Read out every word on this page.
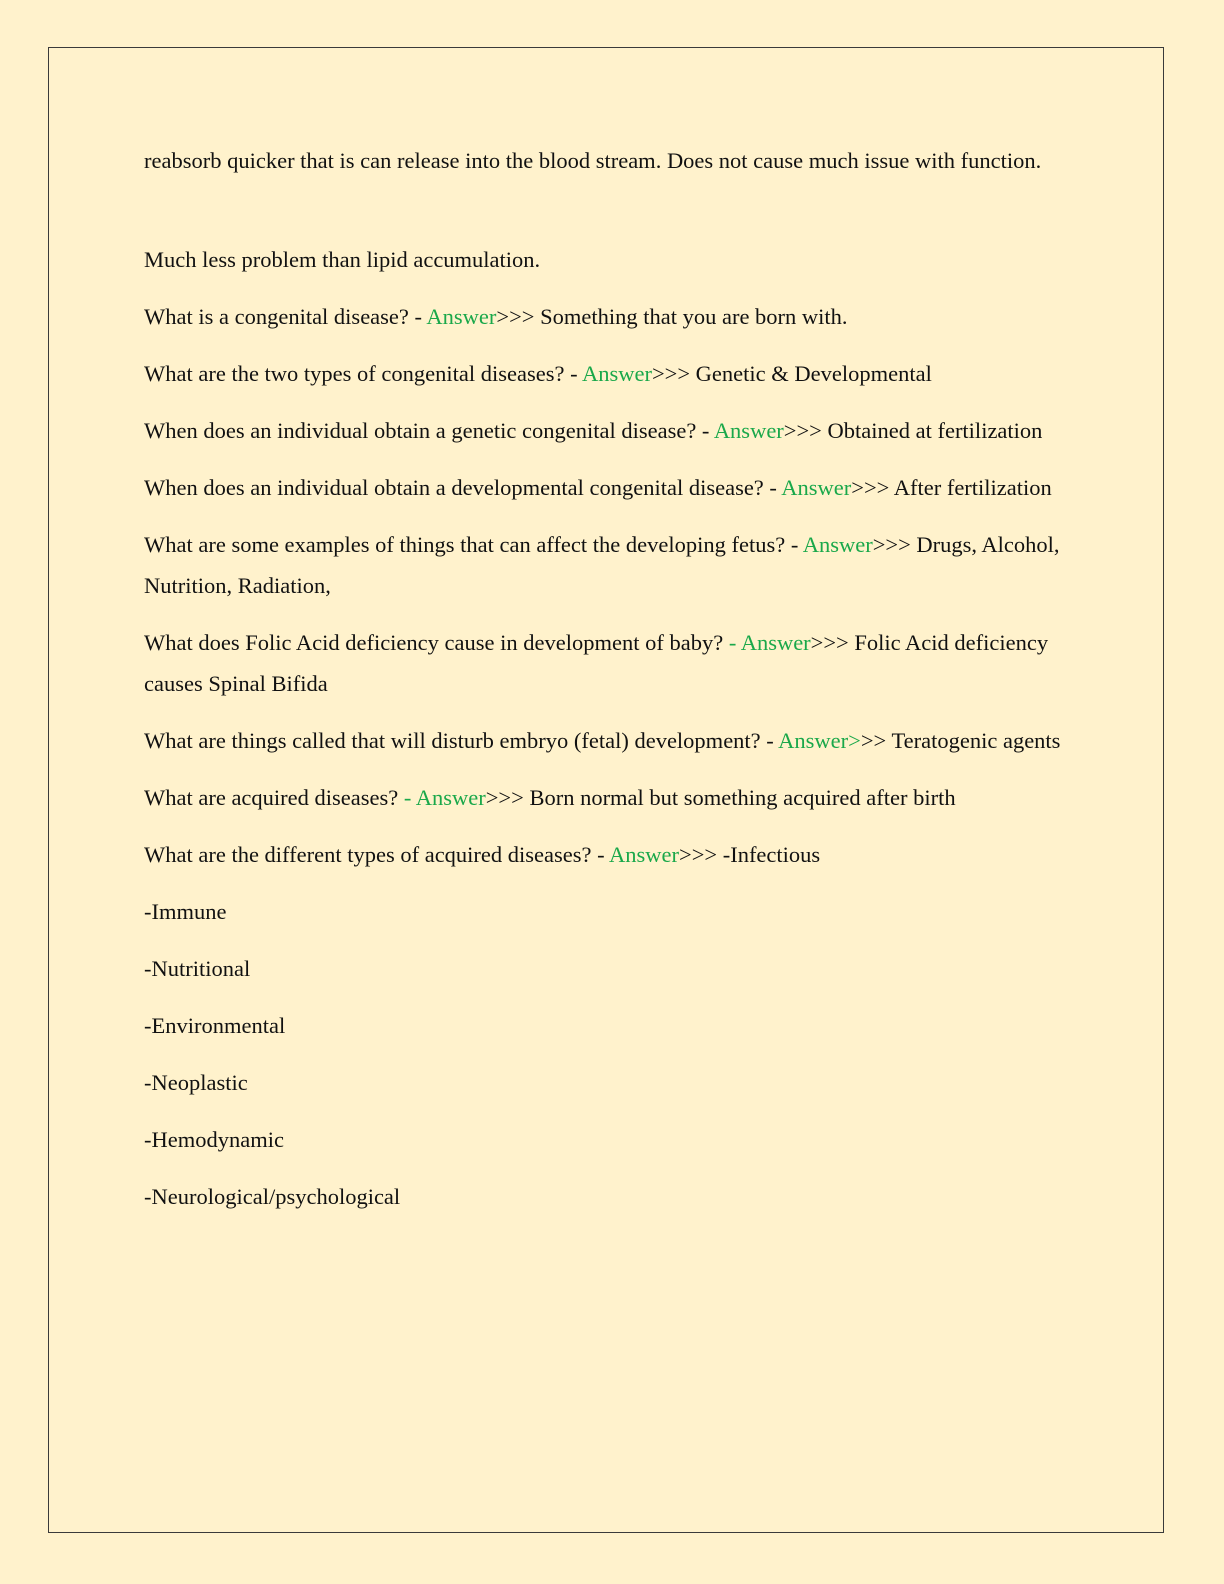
reabsorb quicker that is can release into the blood stream. Does not cause much issue with function.

Much less problem than lipid accumulation.

What is a congenital disease? - Answer>>> Something that you are born with.

What are the two types of congenital diseases? - Answer>>> Genetic & Developmental

When does an individual obtain a genetic congenital disease? - Answer>>> Obtained at fertilization

When does an individual obtain a developmental congenital disease? - Answer>>> After fertilization

What are some examples of things that can affect the developing fetus? - Answer>>> Drugs, Alcohol, Nutrition, Radiation,

What does Folic Acid deficiency cause in development of baby? - Answer>>> Folic Acid deficiency causes Spinal Bifida

What are things called that will disturb embryo (fetal) development? - Answer>>> Teratogenic agents

What are acquired diseases? - Answer>>> Born normal but something acquired after birth

What are the different types of acquired diseases? - Answer>>> -Infectious

-Immune

-Nutritional

-Environmental

-Neoplastic

-Hemodynamic

-Neurological/psychological
